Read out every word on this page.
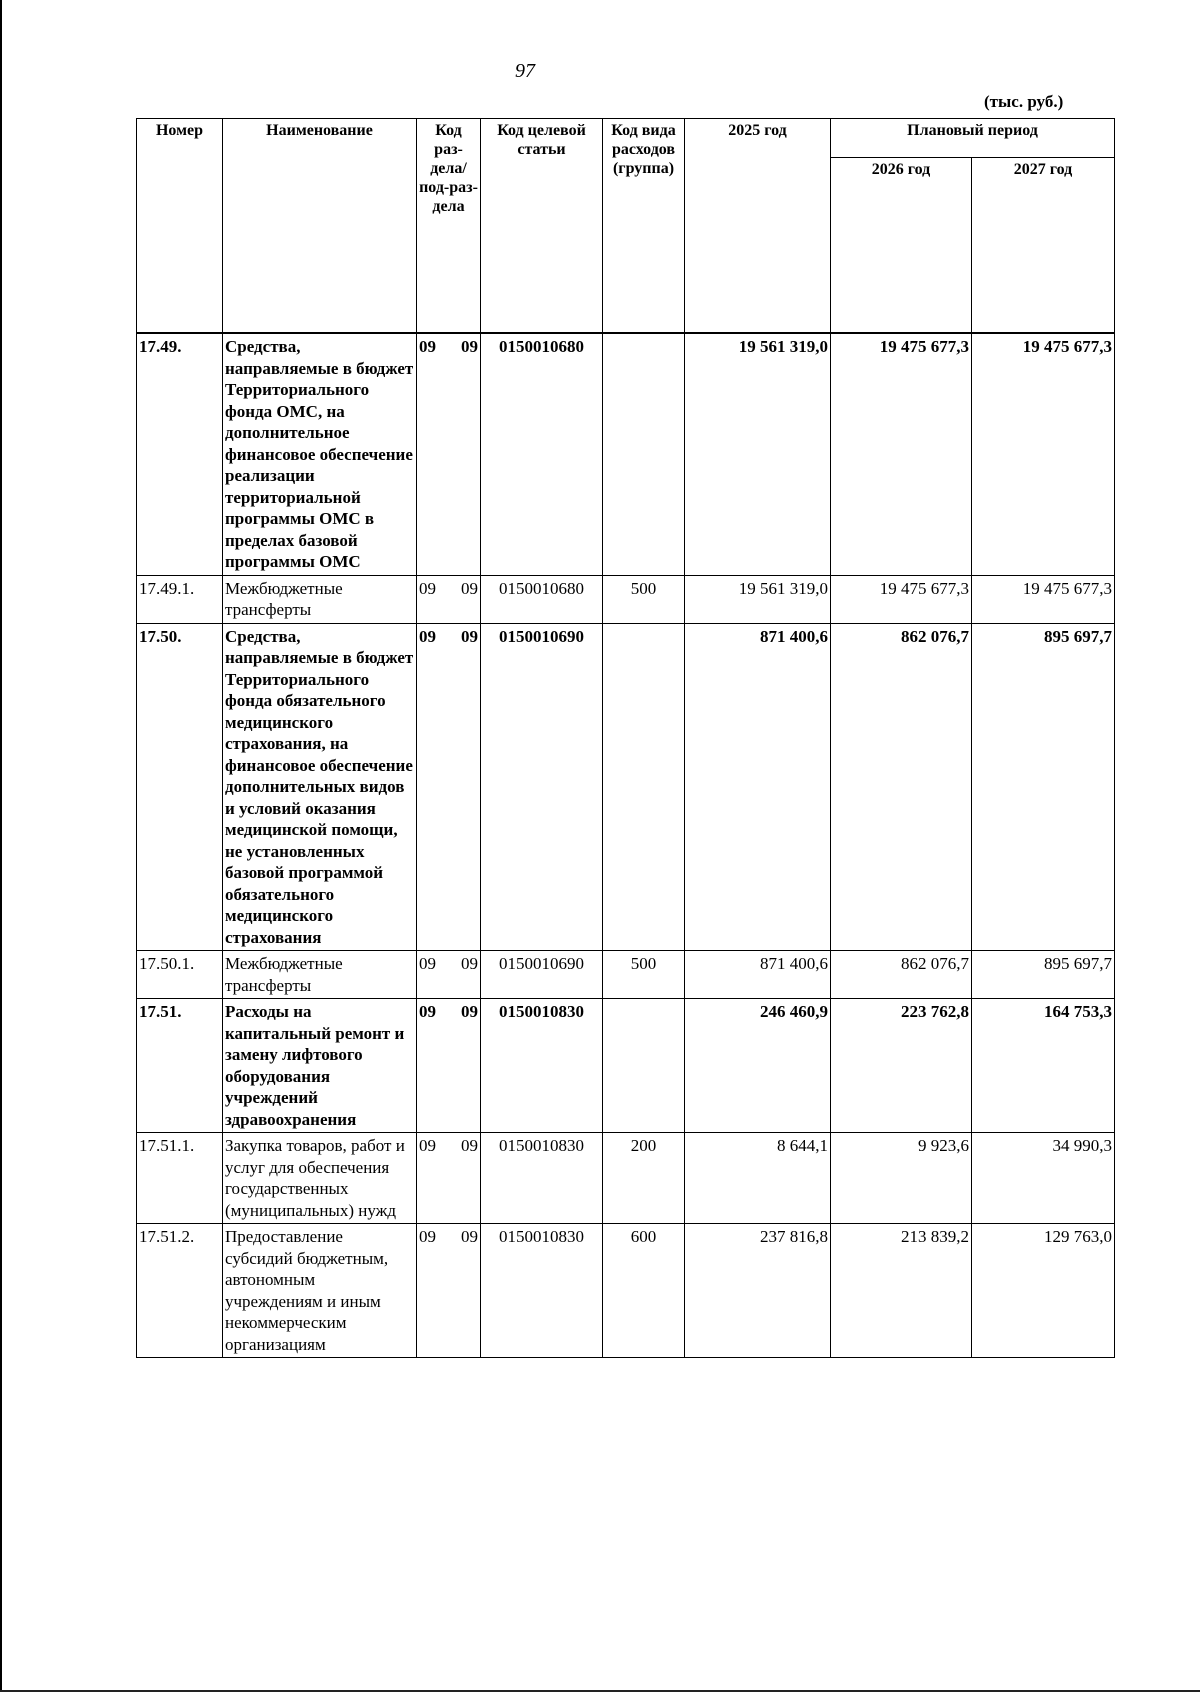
97
(тыс. руб.)
Номер	Наименование	Код раз-дела/ под-раз-дела	Код целевой статьи	Код вида расходов (группа)	2025 год	Плановый период	
						2026 год	2027 год

17.49.	Средства, направляемые в бюджет Территориального фонда ОМС, на дополнительное финансовое обеспечение реализации территориальной программы ОМС в пределах базовой программы ОМС	09 09	0150010680		19 561 319,0	19 475 677,3	19 475 677,3
17.49.1.	Межбюджетные трансферты	09 09	0150010680	500	19 561 319,0	19 475 677,3	19 475 677,3
17.50.	Средства, направляемые в бюджет Территориального фонда обязательного медицинского страхования, на финансовое обеспечение дополнительных видов и условий оказания медицинской помощи, не установленных базовой программой обязательного медицинского страхования	09 09	0150010690		871 400,6	862 076,7	895 697,7
17.50.1.	Межбюджетные трансферты	09 09	0150010690	500	871 400,6	862 076,7	895 697,7
17.51.	Расходы на капитальный ремонт и замену лифтового оборудования учреждений здравоохранения	09 09	0150010830		246 460,9	223 762,8	164 753,3
17.51.1.	Закупка товаров, работ и услуг для обеспечения государственных (муниципальных) нужд	09 09	0150010830	200	8 644,1	9 923,6	34 990,3
17.51.2.	Предоставление субсидий бюджетным, автономным учреждениям и иным некоммерческим организациям	09 09	0150010830	600	237 816,8	213 839,2	129 763,0
